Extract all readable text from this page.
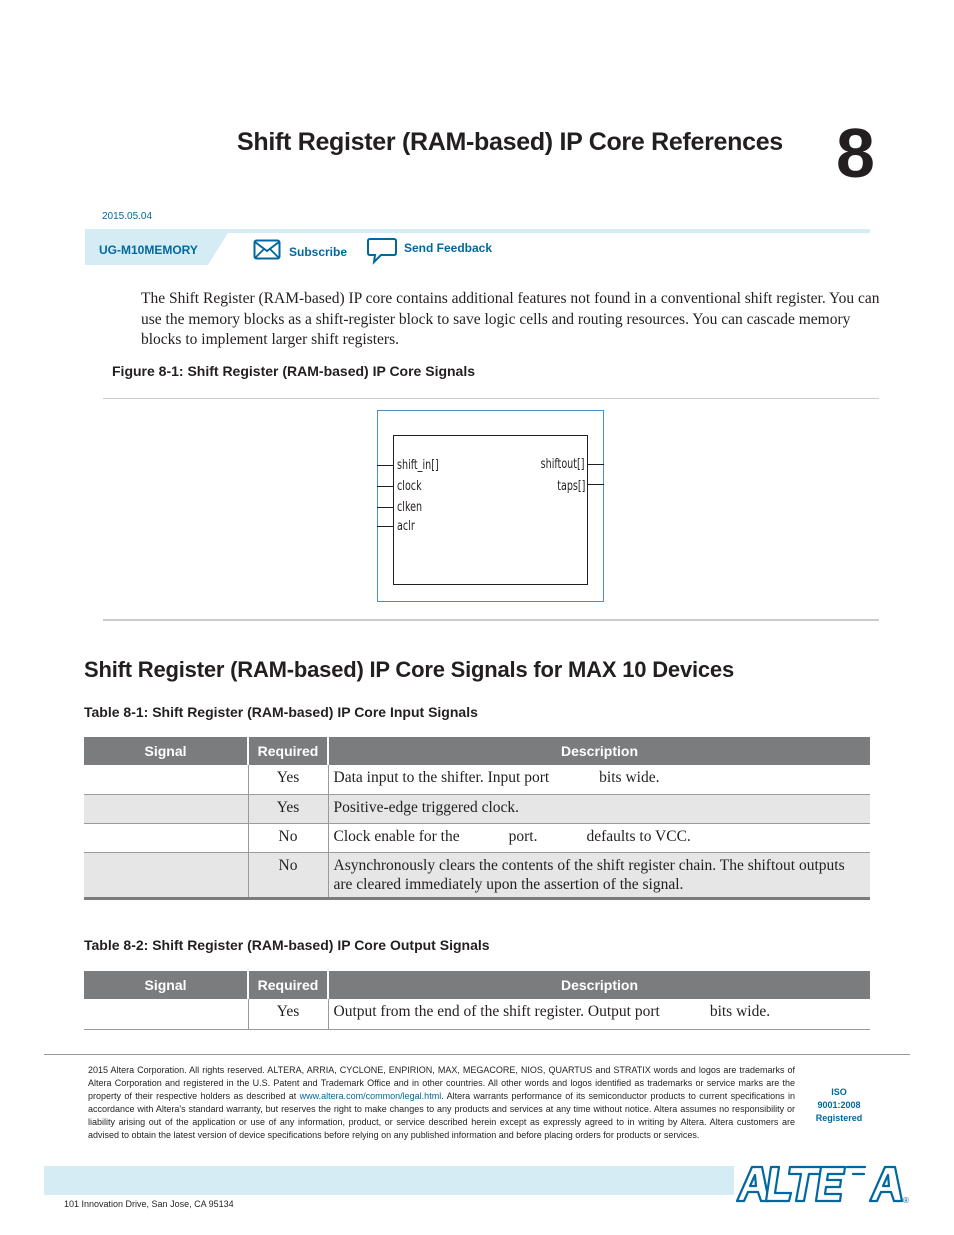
Shift Register (RAM-based) IP Core References 8
2015.05.04
UG-M10MEMORY	Subscribe	Send Feedback
The Shift Register (RAM-based) IP core contains additional features not found in a conventional shift register. You can use the memory blocks as a shift-register block to save logic cells and routing resources. You can cascade memory blocks to implement larger shift registers.
Figure 8-1: Shift Register (RAM-based) IP Core Signals
shift_in[]
clock
clken
aclr
shiftout[]
taps[]
Shift Register (RAM-based) IP Core Signals for MAX 10 Devices
Table 8-1: Shift Register (RAM-based) IP Core Input Signals
Signal	Required	Description
	Yes	Data input to the shifter. Input port bits wide.
	Yes	Positive-edge triggered clock.
	No	Clock enable for the port. defaults to VCC.
	No	Asynchronously clears the contents of the shift register chain. The shiftout outputs are cleared immediately upon the assertion of the signal.
Table 8-2: Shift Register (RAM-based) IP Core Output Signals
Signal	Required	Description
	Yes	Output from the end of the shift register. Output port bits wide.
2015 Altera Corporation. All rights reserved. ALTERA, ARRIA, CYCLONE, ENPIRION, MAX, MEGACORE, NIOS, QUARTUS and STRATIX words and logos are trademarks of Altera Corporation and registered in the U.S. Patent and Trademark Office and in other countries. All other words and logos identified as trademarks or service marks are the property of their respective holders as described at www.altera.com/common/legal.html. Altera warrants performance of its semiconductor products to current specifications in accordance with Altera's standard warranty, but reserves the right to make changes to any products and services at any time without notice. Altera assumes no responsibility or liability arising out of the application or use of any information, product, or service described herein except as expressly agreed to in writing by Altera. Altera customers are advised to obtain the latest version of device specifications before relying on any published information and before placing orders for products or services.
ISO
9001:2008
Registered
101 Innovation Drive, San Jose, CA 95134	®
